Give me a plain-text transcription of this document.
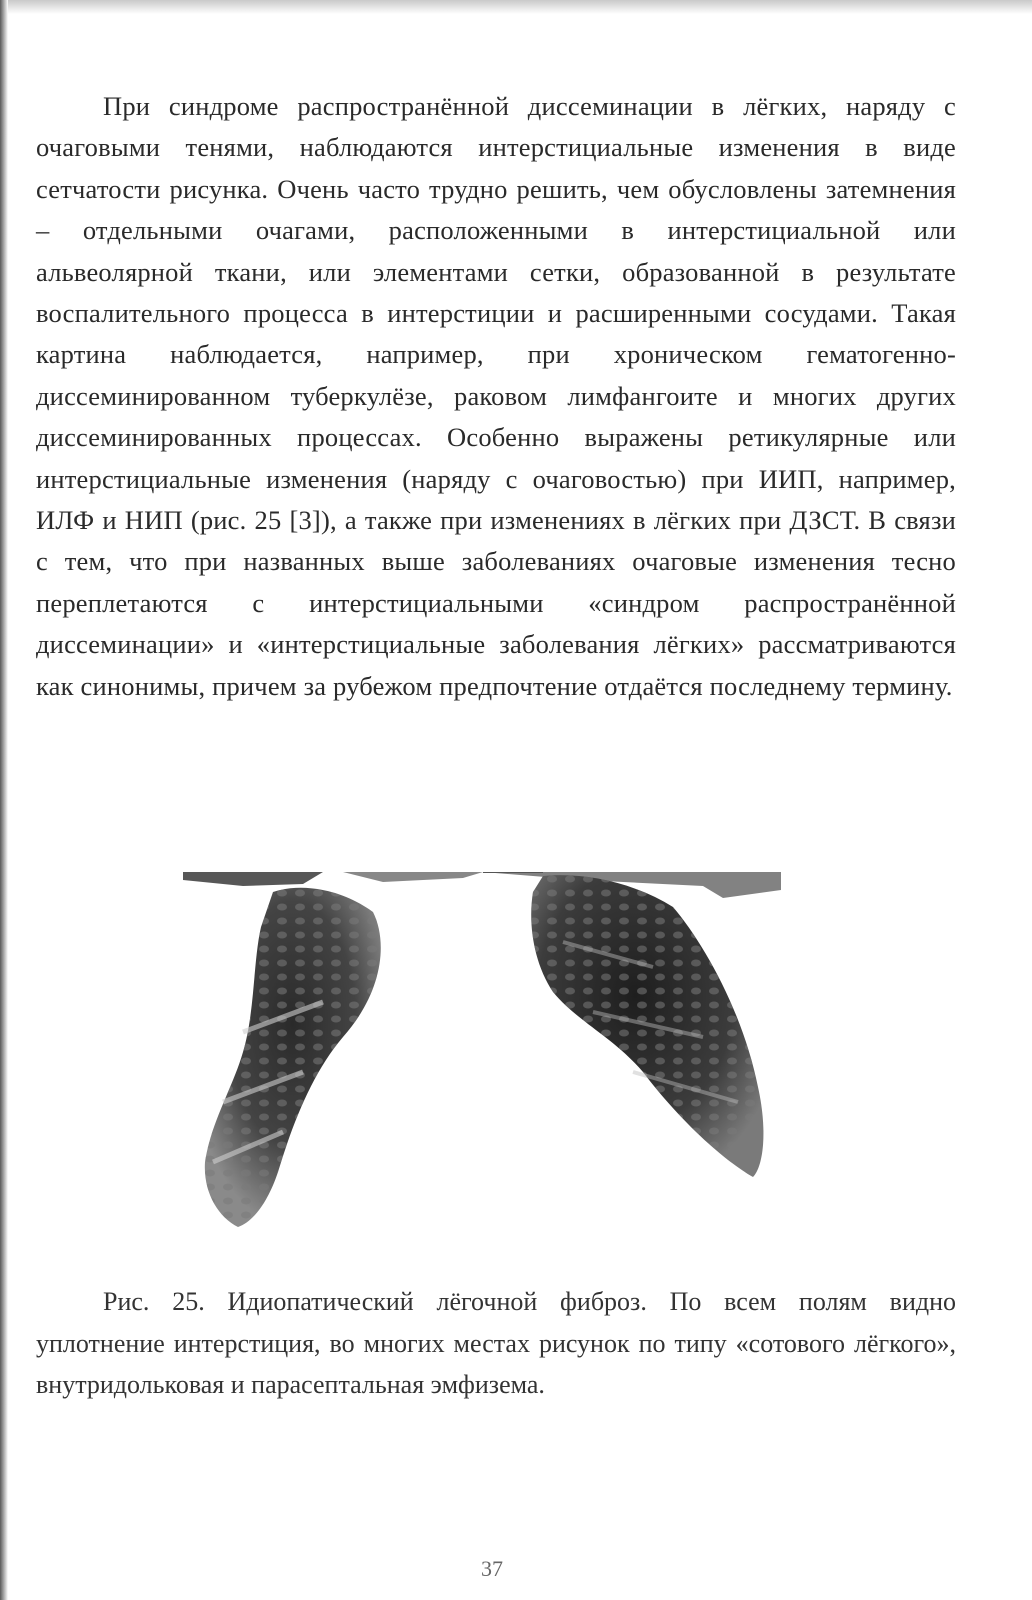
При синдроме распространённой диссеминации в лёгких, наряду с очаговыми тенями, наблюдаются интерстициальные изменения в виде сетчатости рисунка. Очень часто трудно решить, чем обусловлены затемнения – отдельными очагами, расположенными в интерстициальной или альвеолярной ткани, или элементами сетки, образованной в результате воспалительного процесса в интерстиции и расширенными сосудами. Такая картина наблюдается, например, при хроническом гематогенно-диссеминированном туберкулёзе, раковом лимфангоите и многих других диссеминированных процессах. Особенно выражены ретикулярные или интерстициальные изменения (наряду с очаговостью) при ИИП, например, ИЛФ и НИП (рис. 25 [3]), а также при изменениях в лёгких при ДЗСТ. В связи с тем, что при названных выше заболеваниях очаговые изменения тесно переплетаются с интерстициальными «синдром распространённой диссеминации» и «интерстициальные заболевания лёгких» рассматриваются как синонимы, причем за рубежом предпочтение отдаётся последнему термину.

Рис. 25. Идиопатический лёгочной фиброз. По всем полям видно уплотнение интерстиция, во многих местах рисунок по типу «сотового лёгкого», внутридольковая и парасептальная эмфизема.

37
